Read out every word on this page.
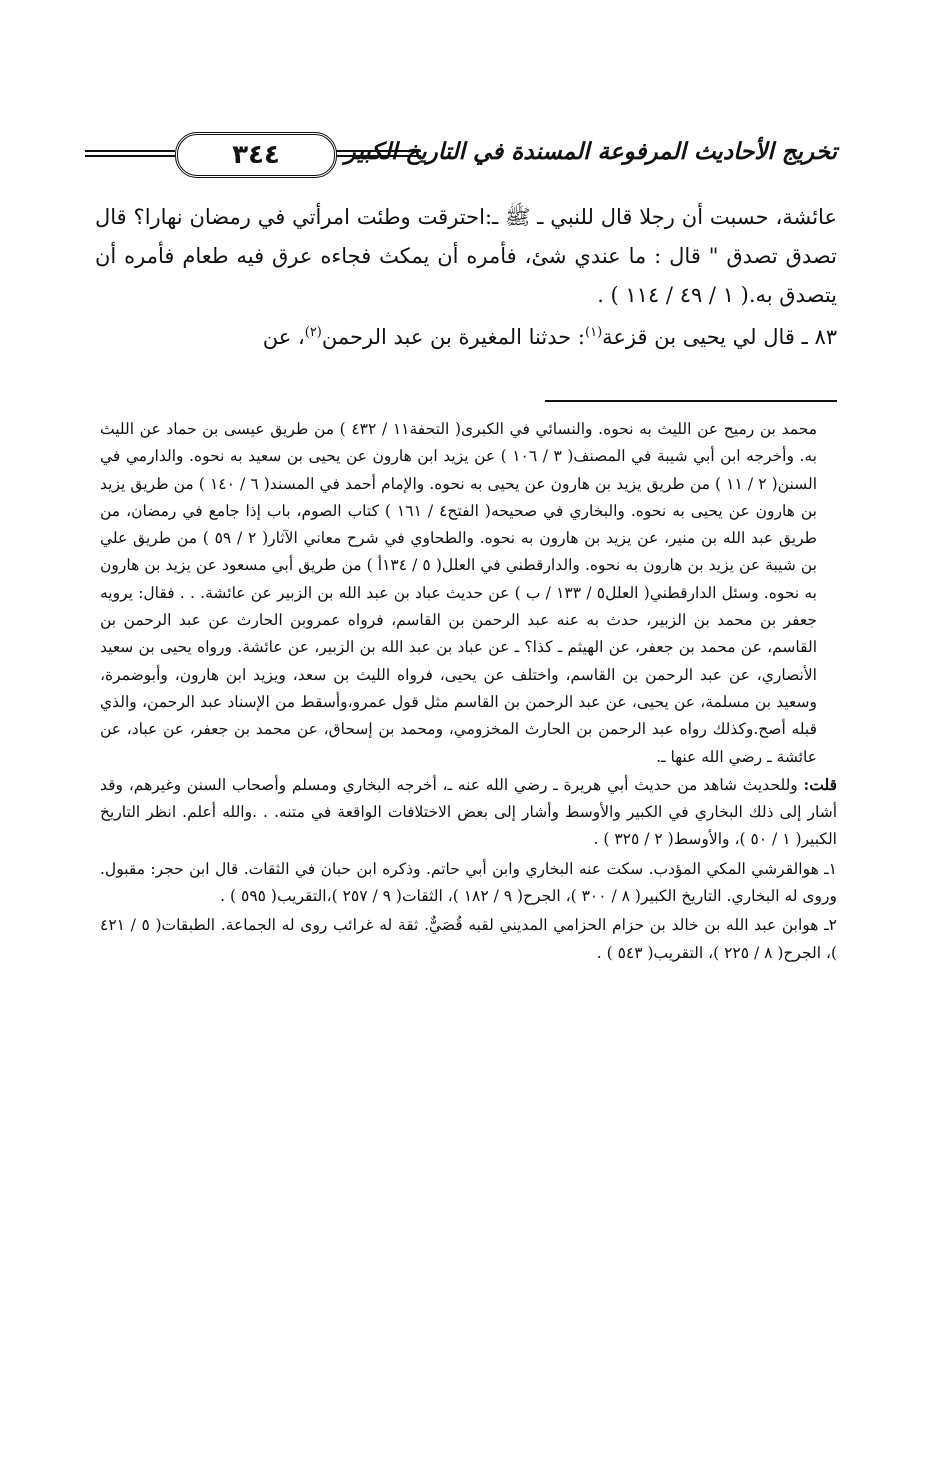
تخريج الأحاديث المرفوعة المسندة في التاريخ الكبير
٣٤٤

عائشة، حسبت أن رجلا قال للنبي ـ ﷺ ـ:احترقت وطئت امرأتي في رمضان نهارا؟ قال تصدق تصدق " قال : ما عندي شئ، فأمره أن يمكث فجاءه عرق فيه طعام فأمره أن يتصدق به.( ١ / ٤٩ / ١١٤ ) .

٨٣ ـ قال لي يحيى بن قزعة$^{(١)}$: حدثنا المغيرة بن عبد الرحمن$^{(٢)}$، عن

محمد بن رميح عن الليث به نحوه. والنسائي في الكبرى( التحفة١١ / ٤٣٢ ) من طريق عيسى بن حماد عن الليث به. وأخرجه ابن أبي شيبة في المصنف( ٣ / ١٠٦ ) عن يزيد ابن هارون عن يحيى بن سعيد به نحوه. والدارمي في السنن( ٢ / ١١ ) من طريق يزيد بن هارون عن يحيى به نحوه. والإمام أحمد في المسند( ٦ / ١٤٠ ) من طريق يزيد بن هارون عن يحيى به نحوه. والبخاري في صحيحه( الفتح٤ / ١٦١ ) كتاب الصوم، باب إذا جامع في رمضان، من طريق عبد الله بن منير، عن يزيد بن هارون به نحوه. والطحاوي في شرح معاني الآثار( ٢ / ٥٩ ) من طريق علي بن شيبة عن يزيد بن هارون به نحوه. والدارقطني في العلل( ٥ / ١٣٤أ ) من طريق أبي مسعود عن يزيد بن هارون به نحوه. وسئل الدارقطني( العلل٥ / ١٣٣ / ب ) عن حديث عباد بن عبد الله بن الزبير عن عائشة. . . فقال: يرويه جعفر بن محمد بن الزبير، حدث به عنه عبد الرحمن بن القاسم، فرواه عمروبن الحارث عن عبد الرحمن بن القاسم، عن محمد بن جعفر، عن الهيثم ـ كذا؟ ـ عن عباد بن عبد الله بن الزبير، عن عائشة. ورواه يحيى بن سعيد الأنصاري، عن عبد الرحمن بن القاسم، واختلف عن يحيى، فرواه الليث بن سعد، ويزيد ابن هارون، وأبوضمرة، وسعيد بن مسلمة، عن يحيى، عن عبد الرحمن بن القاسم مثل قول عمرو،وأسقط من الإسناد عبد الرحمن، والذي قبله أصح.وكذلك رواه عبد الرحمن بن الحارث المخزومي، ومحمد بن إسحاق، عن محمد بن جعفر، عن عباد، عن عائشة ـ رضي الله عنها ـ.

قلت: وللحديث شاهد من حديث أبي هريرة ـ رضي الله عنه ـ، أخرجه البخاري ومسلم وأصحاب السنن وغيرهم، وقد أشار إلى ذلك البخاري في الكبير والأوسط وأشار إلى بعض الاختلافات الواقعة في متنه. . .والله أعلم. انظر التاريخ الكبير( ١ / ٥٠ )، والأوسط( ٢ / ٣٢٥ ) .

١ـ هوالقرشي المكي المؤدب. سكت عنه البخاري وابن أبي حاتم. وذكره ابن حبان في الثقات. قال ابن حجر: مقبول. وروى له البخاري. التاريخ الكبير( ٨ / ٣٠٠ )، الجرح( ٩ / ١٨٢ )، الثقات( ٩ / ٢٥٧ )،التقريب( ٥٩٥ ) .

٢ـ هوابن عبد الله بن خالد بن حزام الحزامي المديني لقبه قُصَيٌّ. ثقة له غرائب روى له الجماعة. الطبقات( ٥ / ٤٢١ )، الجرح( ٨ / ٢٢٥ )، التقريب( ٥٤٣ ) .
